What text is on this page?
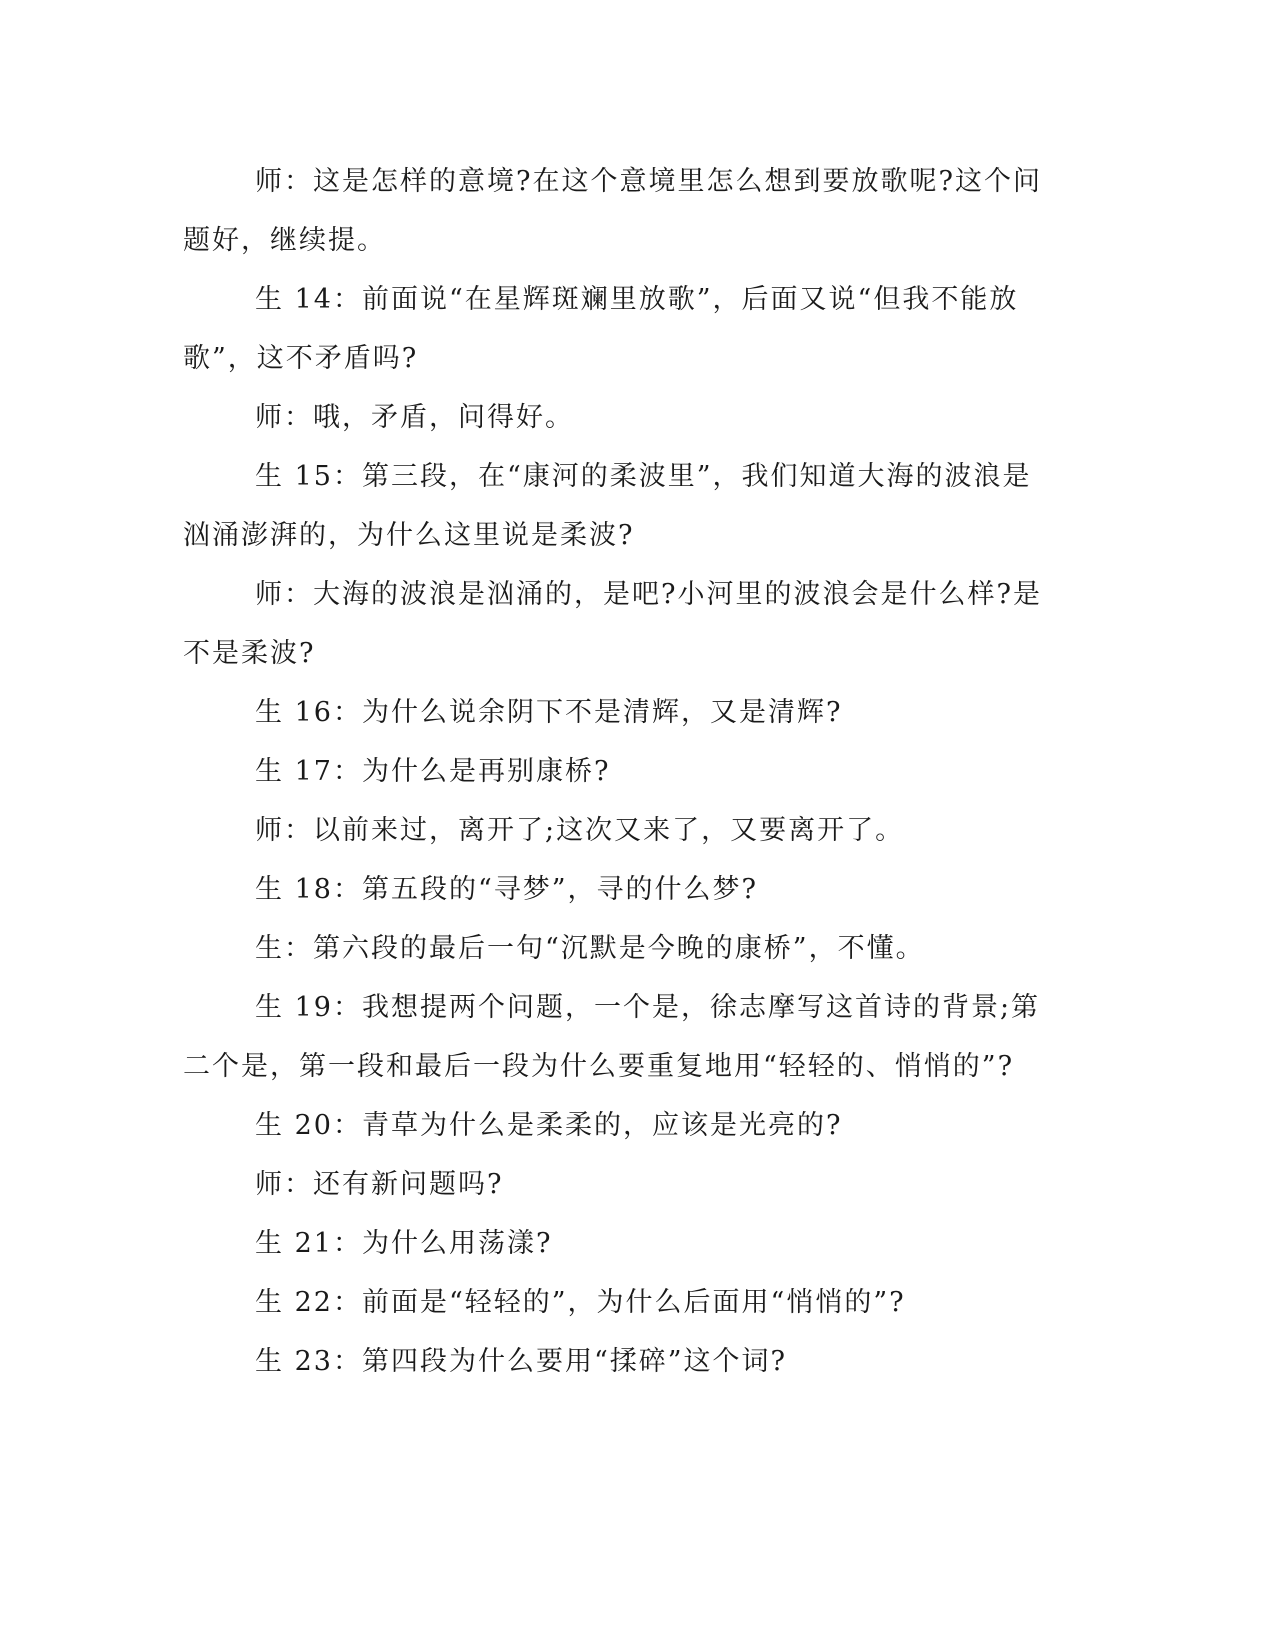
师：这是怎样的意境?在这个意境里怎么想到要放歌呢?这个问题好，继续提。

生 14：前面说“在星辉斑斓里放歌”，后面又说“但我不能放歌”，这不矛盾吗?

师：哦，矛盾，问得好。

生 15：第三段，在“康河的柔波里”，我们知道大海的波浪是汹涌澎湃的，为什么这里说是柔波?

师：大海的波浪是汹涌的，是吧?小河里的波浪会是什么样?是不是柔波?

生 16：为什么说余阴下不是清辉，又是清辉?

生 17：为什么是再别康桥?

师：以前来过，离开了;这次又来了，又要离开了。

生 18：第五段的“寻梦”，寻的什么梦?

生：第六段的最后一句“沉默是今晚的康桥”，不懂。

生 19：我想提两个问题，一个是，徐志摩写这首诗的背景;第二个是，第一段和最后一段为什么要重复地用“轻轻的、悄悄的”?

生 20：青草为什么是柔柔的，应该是光亮的?

师：还有新问题吗?

生 21：为什么用荡漾?

生 22：前面是“轻轻的”，为什么后面用“悄悄的”?

生 23：第四段为什么要用“揉碎”这个词?
